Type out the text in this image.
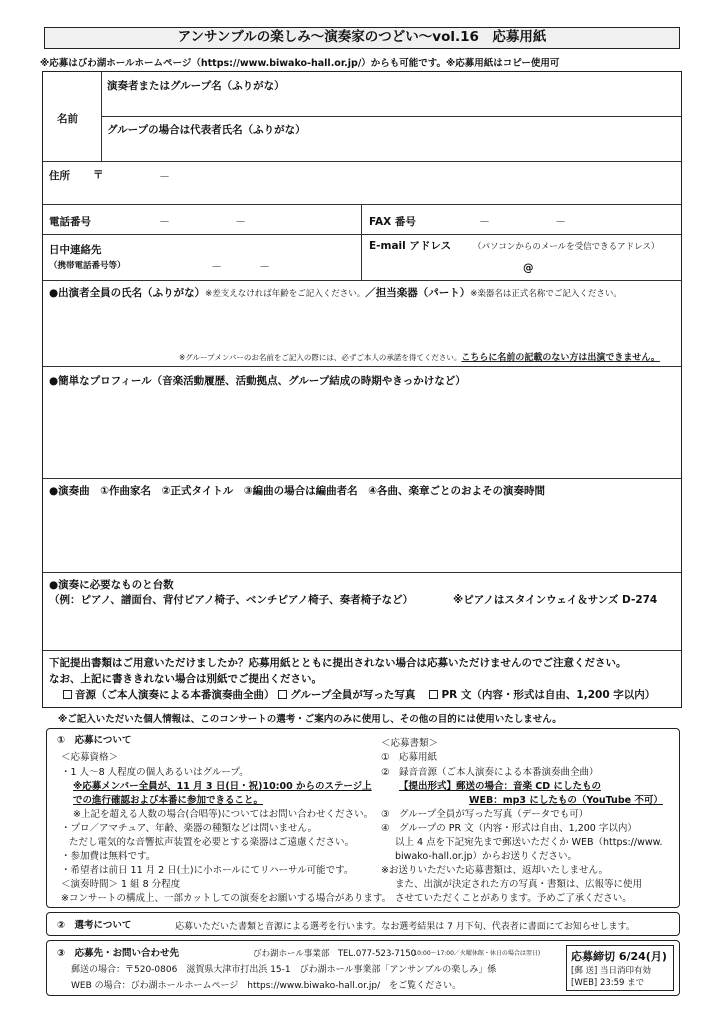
アンサンブルの楽しみ～演奏家のつどい～vol.16　応募用紙
※応募はびわ湖ホールホームページ（https://www.biwako-hall.or.jp/）からも可能です。※応募用紙はコピー使用可
名前
演奏者またはグループ名（ふりがな）
グループの場合は代表者氏名（ふりがな）
住所 〒	－
電話番号	－	－	FAX 番号	－	－
日中連絡先
（携帯電話番号等）	－	－
E-mail アドレス	（パソコンからのメールを受信できるアドレス）
@
●出演者全員の氏名（ふりがな）※差支えなければ年齢をご記入ください。／担当楽器（パート）※楽器名は正式名称でご記入ください。
※グループメンバーのお名前をご記入の際には、必ずご本人の承諾を得てください。こちらに名前の記載のない方は出演できません。
●簡単なプロフィール（音楽活動履歴、活動拠点、グループ結成の時期やきっかけなど）
●演奏曲　①作曲家名　②正式タイトル　③編曲の場合は編曲者名　④各曲、楽章ごとのおよその演奏時間
●演奏に必要なものと台数
（例：ピアノ、譜面台、背付ピアノ椅子、ベンチピアノ椅子、奏者椅子など）	※ピアノはスタインウェイ＆サンズ D-274
下記提出書類はご用意いただけましたか？応募用紙とともに提出されない場合は応募いただけませんのでご注意ください。
なお、上記に書ききれない場合は別紙でご提出ください。
音源（ご本人演奏による本番演奏曲全曲） グループ全員が写った写真　 PR 文（内容・形式は自由、1,200 字以内）
※ご記入いただいた個人情報は、このコンサートの選考・ご案内のみに使用し、その他の目的には使用いたしません。
①　応募について
＜応募資格＞
・1 人～8 人程度の個人あるいはグループ。
※応募メンバー全員が、11 月 3 日(日・祝)10:00 からのステージ上
での進行確認および本番に参加できること。
※上記を超える人数の場合(合唱等)についてはお問い合わせください。
・プロ／アマチュア、年齢、楽器の種類などは問いません。
ただし電気的な音響拡声装置を必要とする楽器はご遠慮ください。
・参加費は無料です。
・希望者は前日 11 月 2 日(土)に小ホールにてリハーサル可能です。
＜演奏時間＞ 1 組 8 分程度
※コンサートの構成上、一部カットしての演奏をお願いする場合があります。
＜応募書類＞
①　応募用紙
②　録音音源（ご本人演奏による本番演奏曲全曲）
【提出形式】郵送の場合：音楽 CD にしたもの
WEB：mp3 にしたもの（YouTube 不可）
③　グループ全員が写った写真（データでも可）
④　グループの PR 文（内容・形式は自由、1,200 字以内）
以上 4 点を下記宛先まで郵送いただくか WEB（https://www.
biwako-hall.or.jp）からお送りください。
※お送りいただいた応募書類は、返却いたしません。
また、出演が決定された方の写真・書類は、広報等に使用
させていただくことがあります。予めご了承ください。
②　選考について	応募いただいた書類と音源による選考を行います。なお選考結果は 7 月下旬、代表者に書面にてお知らせします。
③　応募先・お問い合わせ先	びわ湖ホール事業部　TEL.077-523-7150
(10:00～17:00／火曜休館・休日の場合は翌日)
郵送の場合：〒520-0806　滋賀県大津市打出浜 15-1　びわ湖ホール事業部「アンサンブルの楽しみ」係
WEB の場合：びわ湖ホールホームページ　https://www.biwako-hall.or.jp/　をご覧ください。
応募締切 6/24(月)
[郵 送] 当日消印有効
[WEB] 23:59 まで
